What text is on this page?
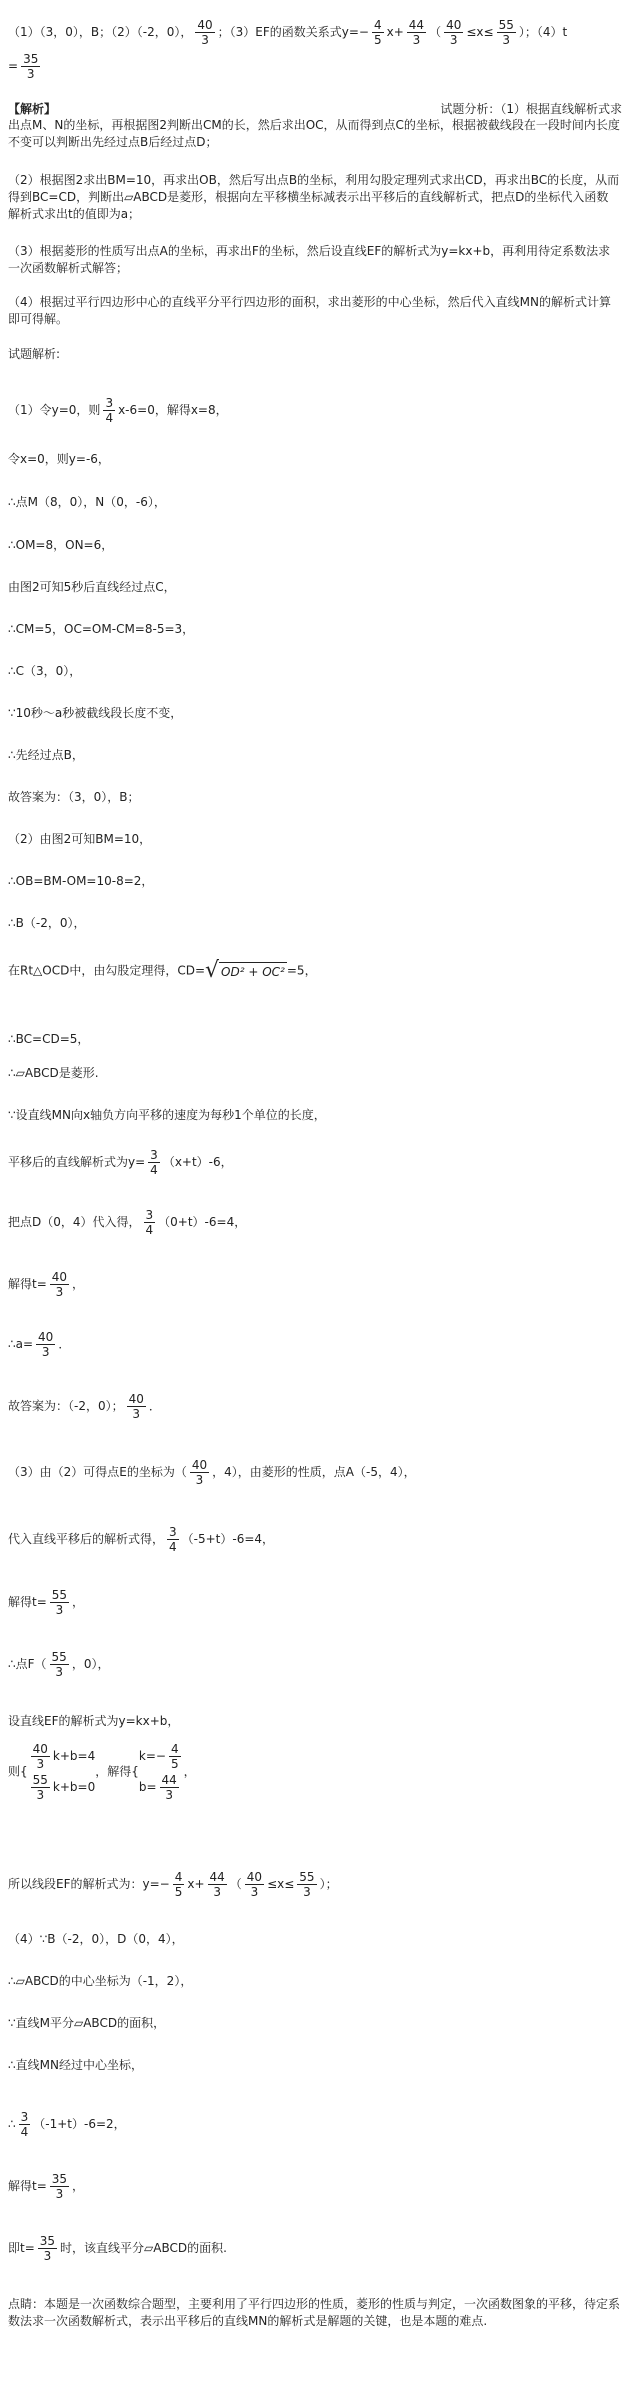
（1）（3，0），B；（2）（-2，0）， $\frac{40}{3}$ ；（3）EF的函数关系式$y=- \frac{4}{5} x+ \frac{44}{3}$ （ $\frac{40}{3} \le x\le \frac{55}{3}$ ）；（4）t
= $\frac{35}{3}$
【解析】	试题分析：（1）根据直线解析式求
出点M、N的坐标，再根据图2判断出CM的长，然后求出OC，从而得到点C的坐标，根据被截线段在一段时间内长度不变可以判断出先经过点B后经过点D；
（2）根据图2求出BM=10，再求出OB，然后写出点B的坐标，利用勾股定理列式求出CD，再求出BC的长度，从而得到BC=CD，判断出▱ABCD是菱形，根据向左平移横坐标减表示出平移后的直线解析式，把点D的坐标代入函数解析式求出t的值即为a；
（3）根据菱形的性质写出点A的坐标，再求出F的坐标，然后设直线EF的解析式为y=kx+b，再利用待定系数法求一次函数解析式解答；
（4）根据过平行四边形中心的直线平分平行四边形的面积，求出菱形的中心坐标，然后代入直线MN的解析式计算即可得解。
试题解析:
（1）令y=0，则 $\frac{3}{4} x-6=0$，解得x=8，
令x=0，则y=-6，
∴点M（8，0），N（0，-6），
∴OM=8，ON=6，
由图2可知5秒后直线经过点C，
∴CM=5，OC=OM-CM=8-5=3，
∴C（3，0），
∵10秒～a秒被截线段长度不变，
∴先经过点B，
故答案为：（3，0），B；
（2）由图2可知BM=10，
∴OB=BM-OM=10-8=2，
∴B（-2，0），
在Rt△OCD中，由勾股定理得，CD= √ OD² + OC² =5，
∴BC=CD=5，
∴▱ABCD是菱形.
∵设直线MN向x轴负方向平移的速度为每秒1个单位的长度，
平移后的直线解析式为$y= \frac{3}{4} (x+t)-6$，
把点D（0，4）代入得， $\frac{3}{4} (0+t)-6=4$，
解得$t= \frac{40}{3}$ ，
∴a= $\frac{40}{3}$ ．
故答案为：（-2，0）； $\frac{40}{3}$ ．
（3）由（2）可得点E的坐标为（ $\frac{40}{3}$ ，4），由菱形的性质，点A（-5，4），
代入直线平移后的解析式得， $\frac{3}{4} (-5+t)-6=4$，
解得$t= \frac{55}{3}$ ，
∴点$F( \frac{55}{3}$ ，0），
设直线EF的解析式为y=kx+b，
则{
$\frac{40}{3} k+b=4$
$\frac{55}{3} k+b=0$
，解得{
$k=- \frac{4}{5}$
$b= \frac{44}{3}$
，
所以线段EF的解析式为：$y=- \frac{4}{5} x+ \frac{44}{3}$ （ $\frac{40}{3} \le x\le \frac{55}{3}$ ）；
（4）∵B（-2，0），D（0，4），
∴▱ABCD的中心坐标为（-1，2），
∵直线M平分▱ABCD的面积，
∴直线MN经过中心坐标，
∴ $\frac{3}{4} (-1+t)-6=2$，
解得$t= \frac{35}{3}$ ，
即$t= \frac{35}{3}$ 时，该直线平分▱ABCD的面积.
点睛：本题是一次函数综合题型，主要利用了平行四边形的性质，菱形的性质与判定，一次函数图象的平移，待定系数法求一次函数解析式，表示出平移后的直线MN的解析式是解题的关键，也是本题的难点.
